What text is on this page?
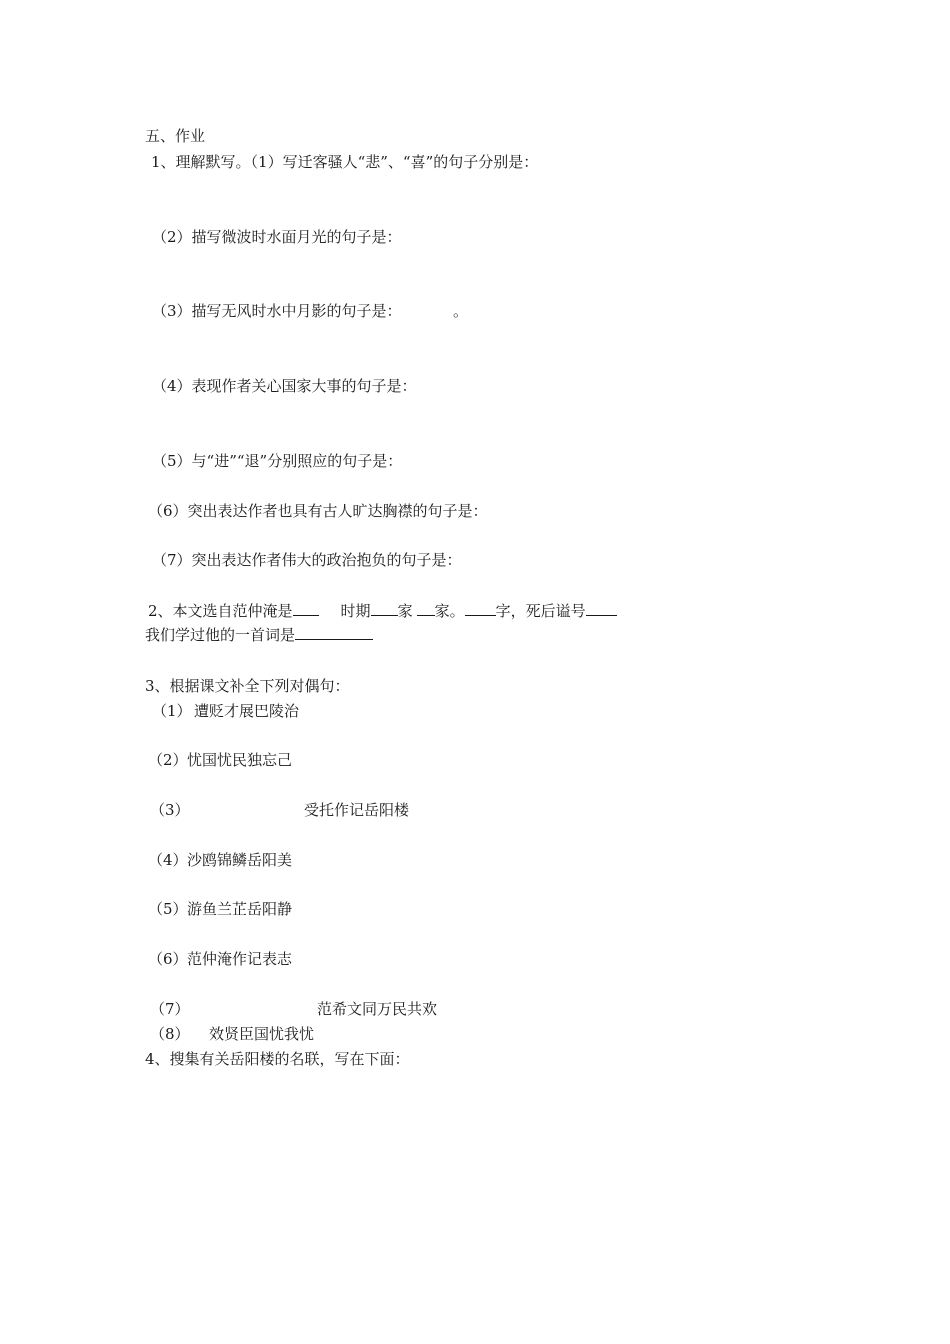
五、作业
1、理解默写。（1）写迁客骚人“悲”、“喜”的句子分别是：
（2）描写微波时水面月光的句子是：
（3）描写无风时水中月影的句子是：	。
（4）表现作者关心国家大事的句子是：
（5）与“进”“退”分别照应的句子是：
（6）突出表达作者也具有古人旷达胸襟的句子是：
（7）突出表达作者伟大的政治抱负的句子是：
2、本文选自范仲淹是	时期 家 家。 字，死后谥号
我们学过他的一首词是
3、根据课文补全下列对偶句：
（1） 遭贬才展巴陵治
（2） 忧国忧民独忘己
（3）	受托作记岳阳楼
（4） 沙鸥锦鳞岳阳美
（5） 游鱼兰芷岳阳静
（6） 范仲淹作记表志
（7）	范希文同万民共欢
（8） 效贤臣国忧我忧
4、搜集有关岳阳楼的名联，写在下面：
